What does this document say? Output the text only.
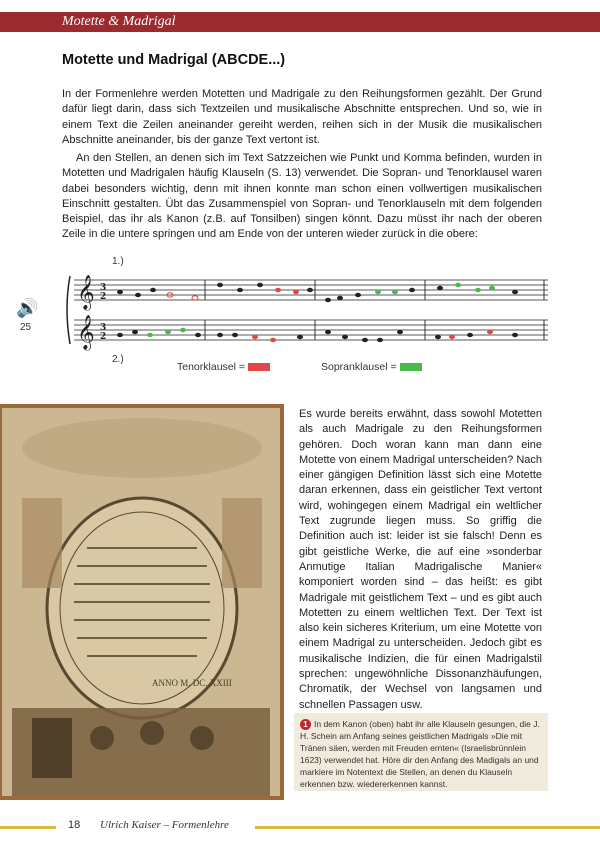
Motette & Madrigal
Motette und Madrigal (ABCDE...)

In der Formenlehre werden Motetten und Madrigale zu den Reihungsformen gezählt. Der Grund dafür liegt darin, dass sich Textzeilen und musikalische Abschnitte entsprechen. Und so, wie in einem Text die Zeilen aneinander gereiht werden, reihen sich in der Musik die musikalischen Abschnitte aneinander, bis der ganze Text vertont ist.

An den Stellen, an denen sich im Text Satzzeichen wie Punkt und Komma befinden, wurden in Motetten und Madrigalen häufig Klauseln (S. 13) verwendet. Die Sopran- und Tenorklausel waren dabei besonders wichtig, denn mit ihnen konnte man schon einen vollwertigen musikalischen Einschnitt gestalten. Übt das Zusammenspiel von Sopran- und Tenorklauseln mit dem folgenden Beispiel, das ihr als Kanon (z.B. auf Tonsilben) singen könnt. Dazu müsst ihr nach der oberen Zeile in die untere springen und am Ende von der unteren wieder zurück in die obere:

🔊
25
1.)
2.)
𝄞
𝄞
3
2
3
2
Tenorklausel =	Sopranklausel =
ANNO M. DC. XXIII

Es wurde bereits erwähnt, dass sowohl Motetten als auch Madrigale zu den Reihungsformen gehören. Doch woran kann man dann eine Motette von einem Madrigal unterscheiden? Nach einer gängigen Definition lässt sich eine Motette daran erkennen, dass ein geistlicher Text vertont wird, wohingegen einem Madrigal ein weltlicher Text zugrunde liegen muss. So griffig die Definition auch ist: leider ist sie falsch! Denn es gibt geistliche Werke, die auf eine »sonderbar Anmutige Italian Madrigalische Manier« komponiert worden sind – das heißt: es gibt Madrigale mit geistlichem Text – und es gibt auch Motetten zu einem weltlichen Text. Der Text ist also kein sicheres Kriterium, um eine Motette von einem Madrigal zu unterscheiden. Jedoch gibt es musikalische Indizien, die für einen Madrigalstil sprechen: ungewöhnliche Dissonanzhäufungen, Chromatik, der Wechsel von langsamen und schnellen Passagen usw.

1 In dem Kanon (oben) habt ihr alle Klauseln gesungen, die J. H. Schein am Anfang seines geistlichen Madrigals »Die mit Tränen säen, werden mit Freuden ernten« (Israelisbrünnlein 1623) verwendet hat. Höre dir den Anfang des Madigals an und markiere im Notentext die Stellen, an denen du Klauseln erkennen bzw. wiedererkennen kannst.

18 Ulrich Kaiser – Formenlehre
